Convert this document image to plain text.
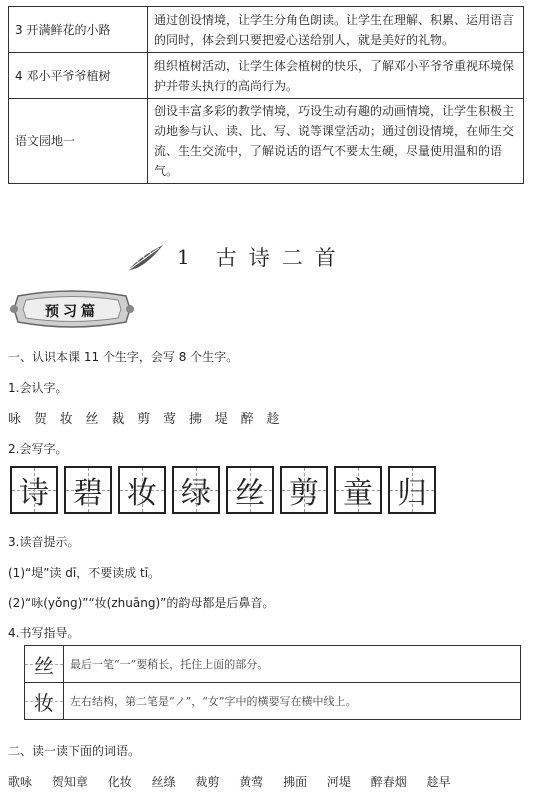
3 开满鲜花的小路	通过创设情境，让学生分角色朗读。让学生在理解、积累、运用语言的同时，体会到只要把爱心送给别人，就是美好的礼物。
4 邓小平爷爷植树	组织植树活动，让学生体会植树的快乐，了解邓小平爷爷重视环境保护并带头执行的高尚行为。
语文园地一	创设丰富多彩的教学情境，巧设生动有趣的动画情境，让学生积极主动地参与认、读、比、写、说等课堂活动；通过创设情境，在师生交流、生生交流中，了解说话的语气不要太生硬，尽量使用温和的语气。
1 古诗二首
预习篇
一、认识本课 11 个生字，会写 8 个生字。
1.会认字。
咏 贺 妆 丝 裁 剪 莺 拂 堤 醉 趁
2.会写字。
诗 碧 妆 绿 丝 剪 童 归
3.读音提示。
(1)“堤”读 dī，不要读成 tī。
(2)“咏(yǒng)”“妆(zhuāng)”的韵母都是后鼻音。
4.书写指导。
丝	最后一笔“一”要稍长，托住上面的部分。

妆	左右结构，第二笔是“ノ”，“女”字中的横要写在横中线上。
二、读一读下面的词语。
歌咏 贺知章 化妆 丝绦 裁剪 黄莺 拂面 河堤 醉春烟 趁早
